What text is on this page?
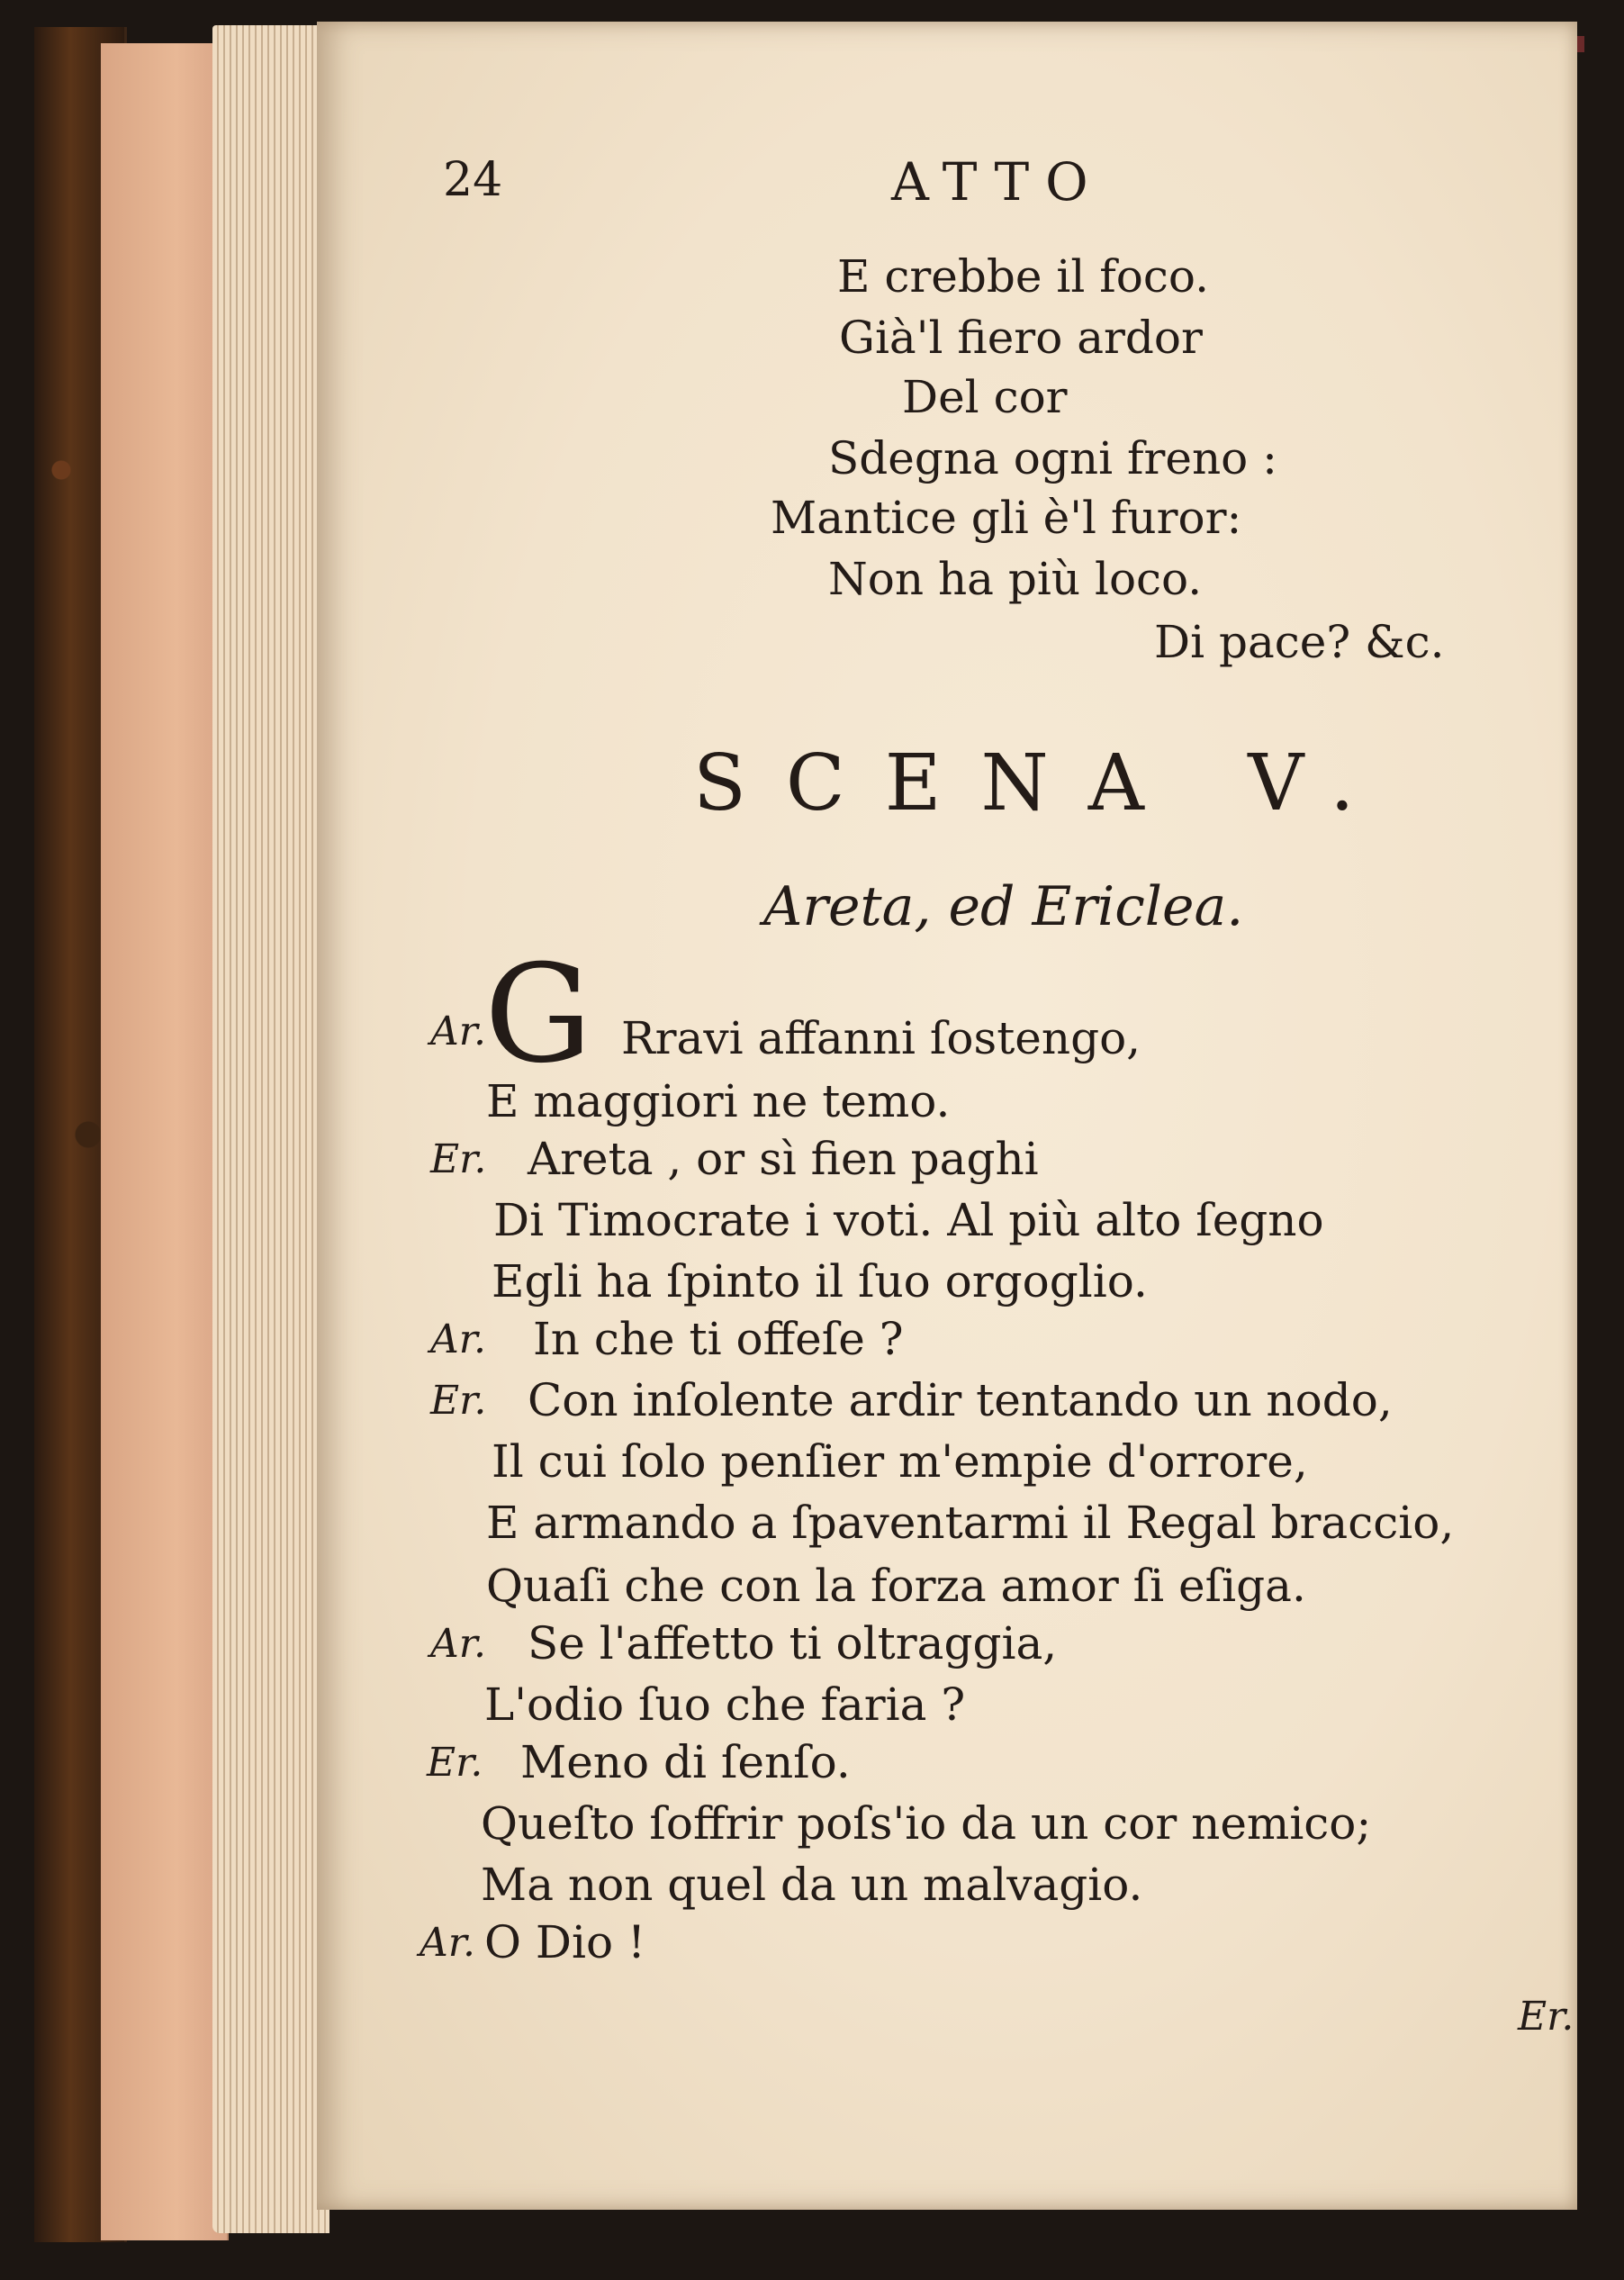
24	ATTO
E crebbe il foco.
Già'l fiero ardor
Del cor
Sdegna ogni freno :
Mantice gli è'l furor:
Non ha più loco.
Di pace? &c.
SCENA V.
Areta, ed Ericlea.
Ar.
G Rravi affanni ſostengo,
E maggiori ne temo.
Er. Areta , or sì fien paghi
Di Timocrate i voti. Al più alto ſegno
Egli ha ſpinto il ſuo orgoglio.
Ar. In che ti offeſe ?
Er. Con inſolente ardir tentando un nodo,
Il cui ſolo penſier m'empie d'orrore,
E armando a ſpaventarmi il Regal braccio,
Quaſi che con la forza amor ſi eſiga.
Ar. Se l'affetto ti oltraggia,
L'odio ſuo che faria ?
Er. Meno di ſenſo.
Queſto ſoffrir poſs'io da un cor nemico;
Ma non quel da un malvagio.
Ar. O Dio !
Er.
